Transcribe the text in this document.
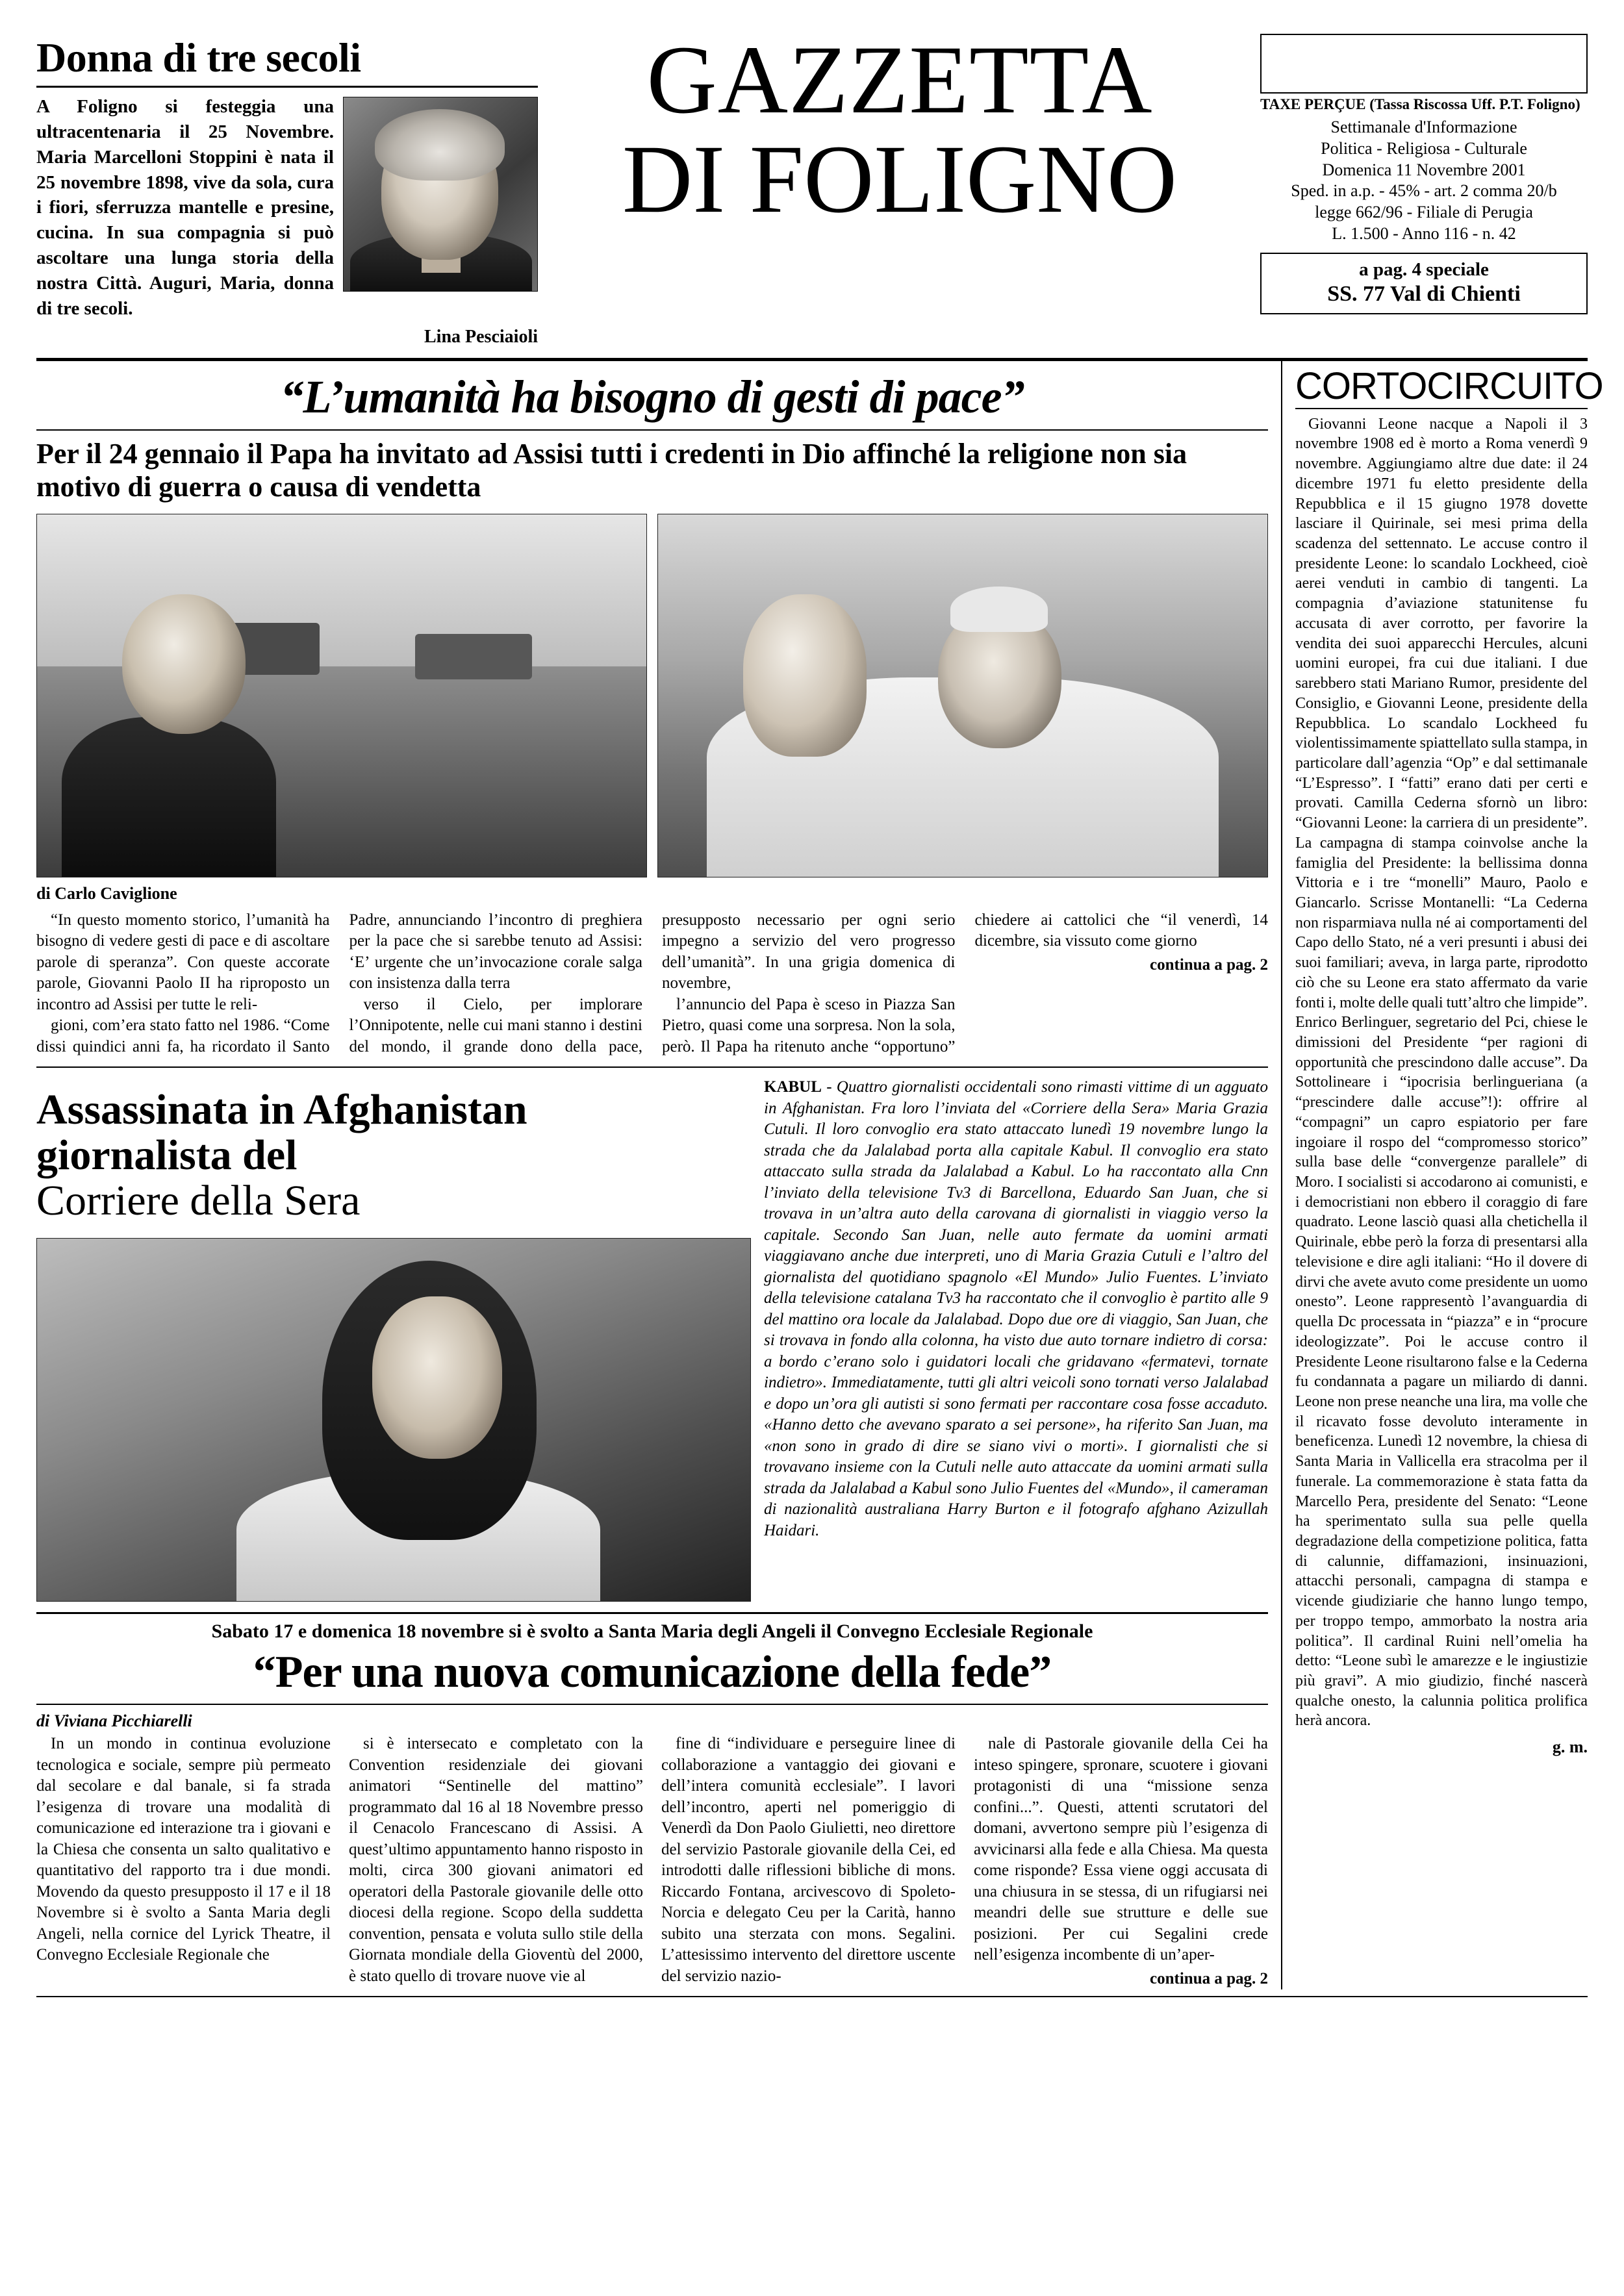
Donna di tre secoli
A Foligno si festeggia una ultracentenaria il 25 Novembre. Maria Marcelloni Stoppini è nata il 25 novembre 1898, vive da sola, cura i fiori, sferruzza mantelle e presine, cucina. In sua compagnia si può ascoltare una lunga storia della nostra Città. Auguri, Maria, donna di tre secoli.
Lina Pesciaioli
GAZZETTA
DI FOLIGNO
TAXE PERÇUE (Tassa Riscossa Uff. P.T. Foligno)
Settimanale d'Informazione
Politica - Religiosa - Culturale
Domenica 11 Novembre 2001
Sped. in a.p. - 45% - art. 2 comma 20/b
legge 662/96 - Filiale di Perugia
L. 1.500 - Anno 116 - n. 42
a pag. 4 speciale
SS. 77 Val di Chienti
“L’umanità ha bisogno di gesti di pace”
Per il 24 gennaio il Papa ha invitato ad Assisi tutti i credenti in Dio affinché la religione non sia motivo di guerra o causa di vendetta
di Carlo Caviglione

“In questo momento storico, l’umanità ha bisogno di vedere gesti di pace e di ascoltare parole di speranza”. Con queste accorate parole, Giovanni Paolo II ha riproposto un incontro ad Assisi per tutte le reli-

gioni, com’era stato fatto nel 1986. “Come dissi quindici anni fa, ha ricordato il Santo Padre, annunciando l’incontro di preghiera per la pace che si sarebbe tenuto ad Assisi: ‘E’ urgente che un’invocazione corale salga con insistenza dalla terra

verso il Cielo, per implorare l’Onnipotente, nelle cui mani stanno i destini del mondo, il grande dono della pace, presupposto necessario per ogni serio impegno a servizio del vero progresso dell’umanità”. In una grigia domenica di novembre,

l’annuncio del Papa è sceso in Piazza San Pietro, quasi come una sorpresa. Non la sola, però. Il Papa ha ritenuto anche “opportuno” chiedere ai cattolici che “il venerdì, 14 dicembre, sia vissuto come giorno

continua a pag. 2
Assassinata in Afghanistan
giornalista del
Corriere della Sera
KABUL - Quattro giornalisti occidentali sono rimasti vittime di un agguato in Afghanistan. Fra loro l’inviata del «Corriere della Sera» Maria Grazia Cutuli. Il loro convoglio era stato attaccato lunedì 19 novembre lungo la strada che da Jalalabad porta alla capitale Kabul. Il convoglio era stato attaccato sulla strada da Jalalabad a Kabul. Lo ha raccontato alla Cnn l’inviato della televisione Tv3 di Barcellona, Eduardo San Juan, che si trovava in un’altra auto della carovana di giornalisti in viaggio verso la capitale. Secondo San Juan, nelle auto fermate da uomini armati viaggiavano anche due interpreti, uno di Maria Grazia Cutuli e l’altro del giornalista del quotidiano spagnolo «El Mundo» Julio Fuentes. L’inviato della televisione catalana Tv3 ha raccontato che il convoglio è partito alle 9 del mattino ora locale da Jalalabad. Dopo due ore di viaggio, San Juan, che si trovava in fondo alla colonna, ha visto due auto tornare indietro di corsa: a bordo c’erano solo i guidatori locali che gridavano «fermatevi, tornate indietro». Immediatamente, tutti gli altri veicoli sono tornati verso Jalalabad e dopo un’ora gli autisti si sono fermati per raccontare cosa fosse accaduto. «Hanno detto che avevano sparato a sei persone», ha riferito San Juan, ma «non sono in grado di dire se siano vivi o morti». I giornalisti che si trovavano insieme con la Cutuli nelle auto attaccate da uomini armati sulla strada da Jalalabad a Kabul sono Julio Fuentes del «Mundo», il cameraman di nazionalità australiana Harry Burton e il fotografo afghano Azizullah Haidari.
Sabato 17 e domenica 18 novembre si è svolto a Santa Maria degli Angeli il Convegno Ecclesiale Regionale
“Per una nuova comunicazione della fede”
di Viviana Picchiarelli

In un mondo in continua evoluzione tecnologica e sociale, sempre più permeato dal secolare e dal banale, si fa strada l’esigenza di trovare una modalità di comunicazione ed interazione tra i giovani e la Chiesa che consenta un salto qualitativo e quantitativo del rapporto tra i due mondi. Movendo da questo presupposto il 17 e il 18 Novembre si è svolto a Santa Maria degli Angeli, nella cornice del Lyrick Theatre, il Convegno Ecclesiale Regionale che

si è intersecato e completato con la Convention residenziale dei giovani animatori “Sentinelle del mattino” programmato dal 16 al 18 Novembre presso il Cenacolo Francescano di Assisi. A quest’ultimo appuntamento hanno risposto in molti, circa 300 giovani animatori ed operatori della Pastorale giovanile delle otto diocesi della regione. Scopo della suddetta convention, pensata e voluta sullo stile della Giornata mondiale della Gioventù del 2000, è stato quello di trovare nuove vie al

fine di “individuare e perseguire linee di collaborazione a vantaggio dei giovani e dell’intera comunità ecclesiale”. I lavori dell’incontro, aperti nel pomeriggio di Venerdì da Don Paolo Giulietti, neo direttore del servizio Pastorale giovanile della Cei, ed introdotti dalle riflessioni bibliche di mons. Riccardo Fontana, arcivescovo di Spoleto-Norcia e delegato Ceu per la Carità, hanno subito una sterzata con mons. Segalini. L’attesissimo intervento del direttore uscente del servizio nazio-

nale di Pastorale giovanile della Cei ha inteso spingere, spronare, scuotere i giovani protagonisti di una “missione senza confini...”. Questi, attenti scrutatori del domani, avvertono sempre più l’esigenza di avvicinarsi alla fede e alla Chiesa. Ma questa come risponde? Essa viene oggi accusata di una chiusura in se stessa, di un rifugiarsi nei meandri delle sue strutture e delle sue posizioni. Per cui Segalini crede nell’esigenza incombente di un’aper-

continua a pag. 2
CORTOCIRCUITO

Giovanni Leone nacque a Napoli il 3 novembre 1908 ed è morto a Roma venerdì 9 novembre. Aggiungiamo altre due date: il 24 dicembre 1971 fu eletto presidente della Repubblica e il 15 giugno 1978 dovette lasciare il Quirinale, sei mesi prima della scadenza del settennato. Le accuse contro il presidente Leone: lo scandalo Lockheed, cioè aerei venduti in cambio di tangenti. La compagnia d’aviazione statunitense fu accusata di aver corrotto, per favorire la vendita dei suoi apparecchi Hercules, alcuni uomini europei, fra cui due italiani. I due sarebbero stati Mariano Rumor, presidente del Consiglio, e Giovanni Leone, presidente della Repubblica. Lo scandalo Lockheed fu violentissimamente spiattellato sulla stampa, in particolare dall’agenzia “Op” e dal settimanale “L’Espresso”. I “fatti” erano dati per certi e provati. Camilla Cederna sfornò un libro: “Giovanni Leone: la carriera di un presidente”. La campagna di stampa coinvolse anche la famiglia del Presidente: la bellissima donna Vittoria e i tre “monelli” Mauro, Paolo e Giancarlo. Scrisse Montanelli: “La Cederna non risparmiava nulla né ai comportamenti del Capo dello Stato, né a veri presunti i abusi dei suoi familiari; aveva, in larga parte, riprodotto ciò che su Leone era stato affermato da varie fonti i, molte delle quali tutt’altro che limpide”. Enrico Berlinguer, segretario del Pci, chiese le dimissioni del Presidente “per ragioni di opportunità che prescindono dalle accuse”. Da Sottolineare i “ipocrisia berlingueriana (a “prescindere dalle accuse”!): offrire al “compagni” un capro espiatorio per fare ingoiare il rospo del “compromesso storico” sulla base delle “convergenze parallele” di Moro. I socialisti si accodarono ai comunisti, e i democristiani non ebbero il coraggio di fare quadrato. Leone lasciò quasi alla chetichella il Quirinale, ebbe però la forza di presentarsi alla televisione e dire agli italiani: “Ho il dovere di dirvi che avete avuto come presidente un uomo onesto”. Leone rappresentò l’avanguardia di quella Dc processata in “piazza” e in “procure ideologizzate”. Poi le accuse contro il Presidente Leone risultarono false e la Cederna fu condannata a pagare un miliardo di danni. Leone non prese neanche una lira, ma volle che il ricavato fosse devoluto interamente in beneficenza. Lunedì 12 novembre, la chiesa di Santa Maria in Vallicella era stracolma per il funerale. La commemorazione è stata fatta da Marcello Pera, presidente del Senato: “Leone ha sperimentato sulla sua pelle quella degradazione della competizione politica, fatta di calunnie, diffamazioni, insinuazioni, attacchi personali, campagna di stampa e vicende giudiziarie che hanno lungo tempo, per troppo tempo, ammorbato la nostra aria politica”. Il cardinal Ruini nell’omelia ha detto: “Leone subì le amarezze e le ingiustizie più gravi”. A mio giudizio, finché nascerà qualche onesto, la calunnia politica prolifica herà ancora.

g. m.
